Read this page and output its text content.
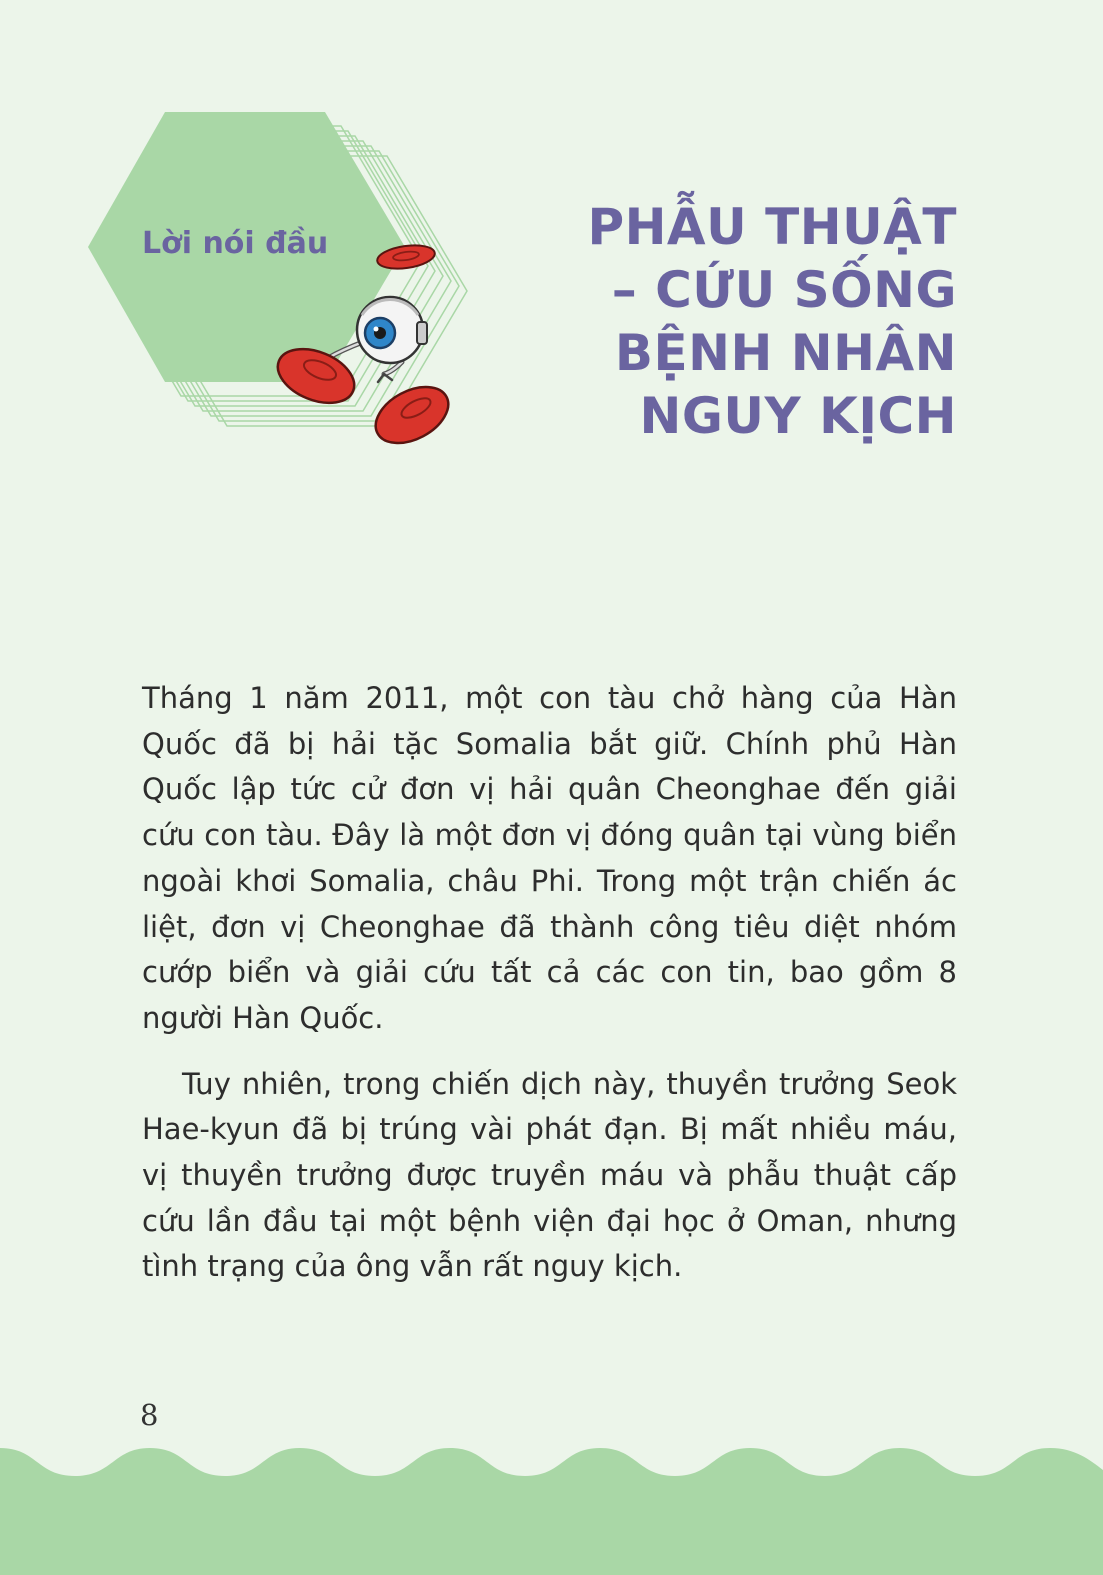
Lời nói đầu	PHẪU THUẬT
– CỨU SỐNG
BỆNH NHÂN
NGUY KỊCH

Tháng 1 năm 2011, một con tàu chở hàng của Hàn Quốc đã bị hải tặc Somalia bắt giữ. Chính phủ Hàn Quốc lập tức cử đơn vị hải quân Cheonghae đến giải cứu con tàu. Đây là một đơn vị đóng quân tại vùng biển ngoài khơi Somalia, châu Phi. Trong một trận chiến ác liệt, đơn vị Cheonghae đã thành công tiêu diệt nhóm cướp biển và giải cứu tất cả các con tin, bao gồm 8 người Hàn Quốc.

Tuy nhiên, trong chiến dịch này, thuyền trưởng Seok Hae-kyun đã bị trúng vài phát đạn. Bị mất nhiều máu, vị thuyền trưởng được truyền máu và phẫu thuật cấp cứu lần đầu tại một bệnh viện đại học ở Oman, nhưng tình trạng của ông vẫn rất nguy kịch.

8
